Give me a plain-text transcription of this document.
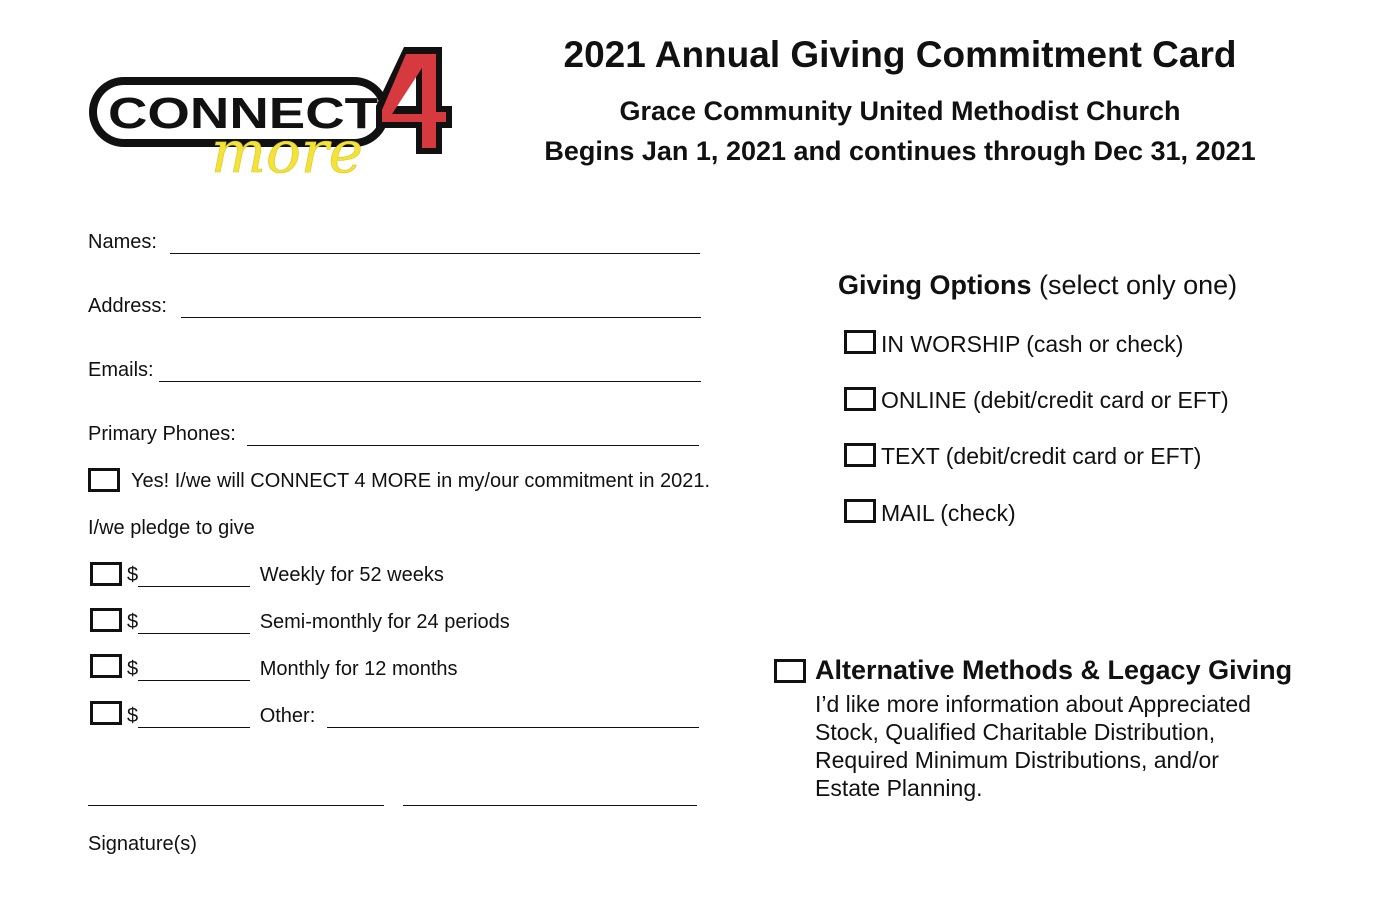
CONNECT
more
2021 Annual Giving Commitment Card
Grace Community United Methodist Church
Begins Jan 1, 2021 and continues through Dec 31, 2021
Names:
Address:
Emails:
Primary Phones:
Yes! I/we will CONNECT 4 MORE in my/our commitment in 2021.
I/we pledge to give
$	Weekly for 52 weeks
$	Semi-monthly for 24 periods
$	Monthly for 12 months
$	Other:
Signature(s)
Giving Options (select only one)
IN WORSHIP (cash or check)
ONLINE (debit/credit card or EFT)
TEXT (debit/credit card or EFT)
MAIL (check)
Alternative Methods & Legacy Giving
I’d like more information about Appreciated
Stock, Qualified Charitable Distribution,
Required Minimum Distributions, and/or
Estate Planning.
